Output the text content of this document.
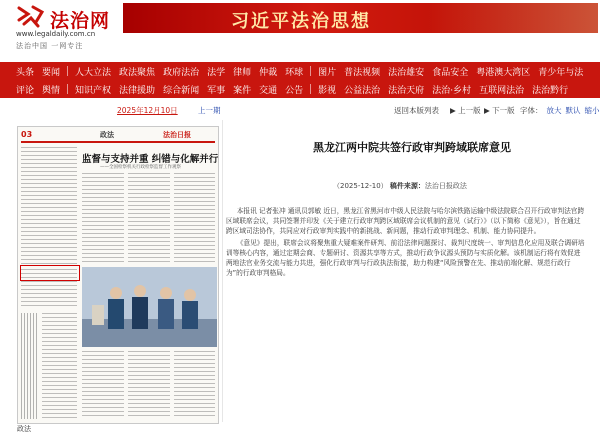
法治网
www.legaldaily.com.cn
法治中国 一网专注
习近平法治思想
头条 要闻 人大立法 政法聚焦 政府法治 法学 律师 仲裁 环球 图片 普法视频 法治雄安 食品安全 粤港澳大湾区 青少年与法
评论 舆情 知识产权 法律援助 综合新闻 军事 案件 交通 公告 影视 公益法治 法治天府 法治·乡村 互联网法治 法治黔行
2025年12月10日	上一期	返回本版列表 ▶ 上一版 ▶ 下一版 字体： 放大 默认 缩小
03	政法	法治日报
监督与支持并重 纠错与化解并行
——全国检察机关行政检察监督工作观察
黑龙江两中院共签行政审判跨域联席意见
（2025-12-10） 稿件来源：法治日报政法

本报讯 记者张冲 通讯员郭敏 近日，黑龙江省黑河市中级人民法院与哈尔滨铁路运输中级法院联合召开行政审判法官跨区域联席会议，共同签署并印发《关于建立行政审判跨区域联席会议机制的意见（试行）》（以下简称《意见》），旨在通过跨区域司法协作，共同应对行政审判实践中的新挑战、新问题，推动行政审判理念、机制、能力协同提升。

《意见》提出，联席会议将聚焦重大疑难案件研判、前沿法律问题探讨、裁判尺度统一、审判信息化应用及联合调研培训等核心内容，通过定期会商、专题研讨、资源共享等方式，推动行政争议源头预防与实质化解。该机制运行将有效促进两地法官业务交流与能力共进，强化行政审判与行政执法衔接，助力构建“风险预警在先、推动前端化解、规范行政行为”的行政审判格局。

政法
